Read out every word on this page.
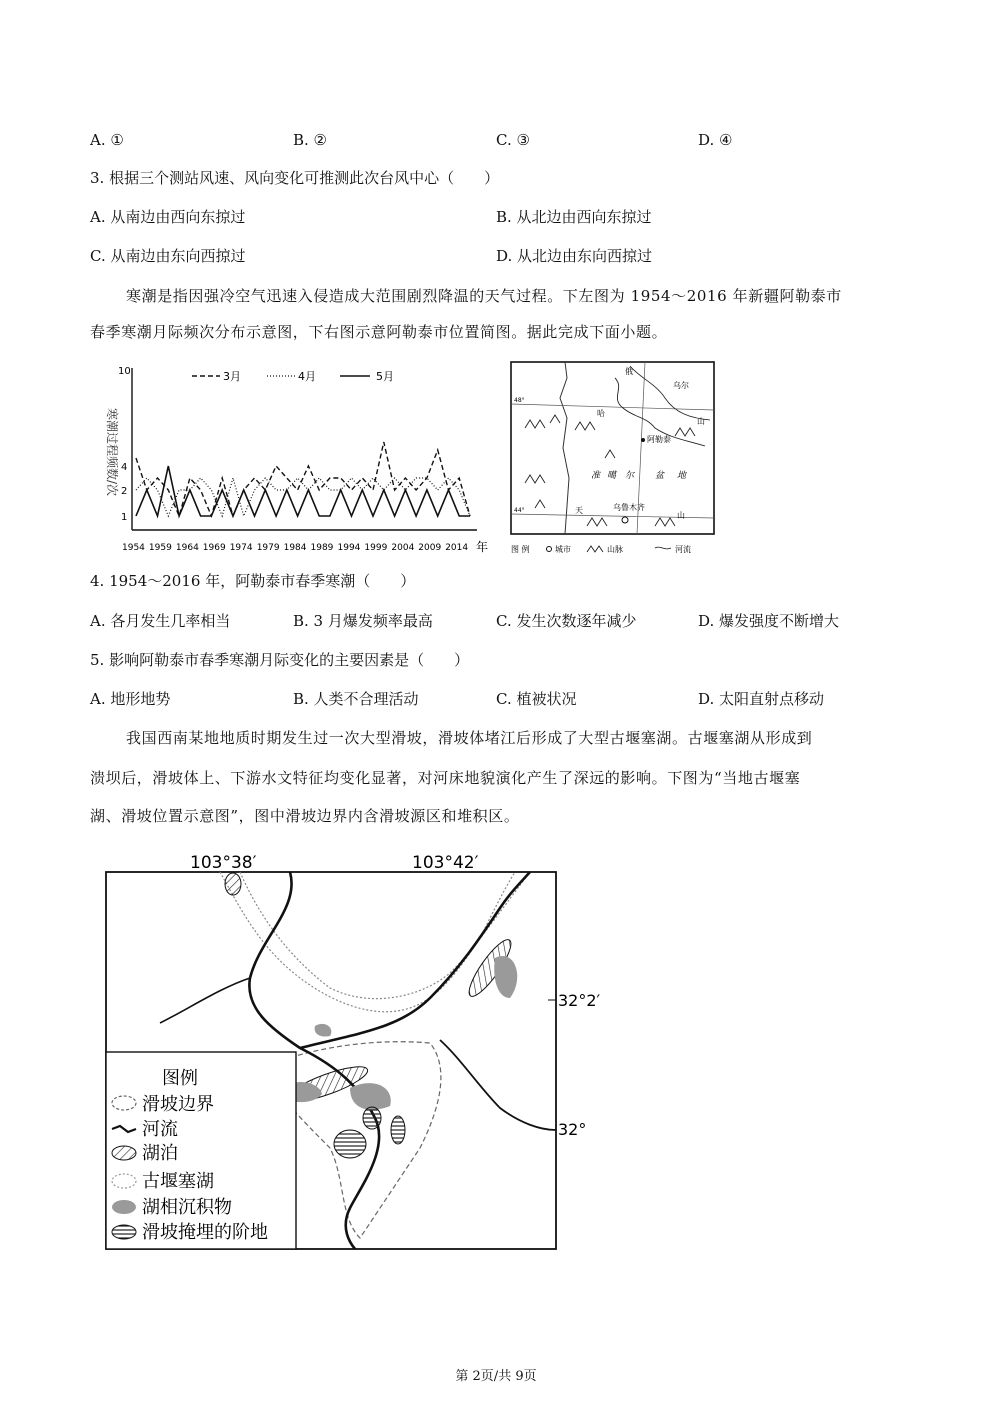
A. ①	B. ②	C. ③	D. ④
3. 根据三个测站风速、风向变化可推测此次台风中心（　　）
A. 从南边由西向东掠过	B. 从北边由西向东掠过
C. 从南边由东向西掠过	D. 从北边由东向西掠过
寒潮是指因强冷空气迅速入侵造成大范围剧烈降温的天气过程。下左图为 1954～2016 年新疆阿勒泰市
春季寒潮月际频次分布示意图，下右图示意阿勒泰市位置简图。据此完成下面小题。
寒潮过程频数/次
10
4
2
1
3月	4月	5月
1954 1959 1964 1969 1974 1979 1984 1989 1994 1999 2004 2009 2014 年
俄
乌尔
哈
阿勒泰
山
准 噶 尔 盆 地
天	乌鲁木齐
山
48°
44°
图 例	城市	山脉	河流
4. 1954～2016 年，阿勒泰市春季寒潮（　　）
A. 各月发生几率相当	B. 3 月爆发频率最高	C. 发生次数逐年减少	D. 爆发强度不断增大
5. 影响阿勒泰市春季寒潮月际变化的主要因素是（　　）
A. 地形地势	B. 人类不合理活动	C. 植被状况	D. 太阳直射点移动
我国西南某地地质时期发生过一次大型滑坡，滑坡体堵江后形成了大型古堰塞湖。古堰塞湖从形成到
溃坝后，滑坡体上、下游水文特征均变化显著，对河床地貌演化产生了深远的影响。下图为“当地古堰塞
湖、滑坡位置示意图”，图中滑坡边界内含滑坡源区和堆积区。
103°38′	103°42′
32°2′
32°
图例
滑坡边界
河流
湖泊
古堰塞湖
湖相沉积物
滑坡掩埋的阶地
第 2页/共 9页
